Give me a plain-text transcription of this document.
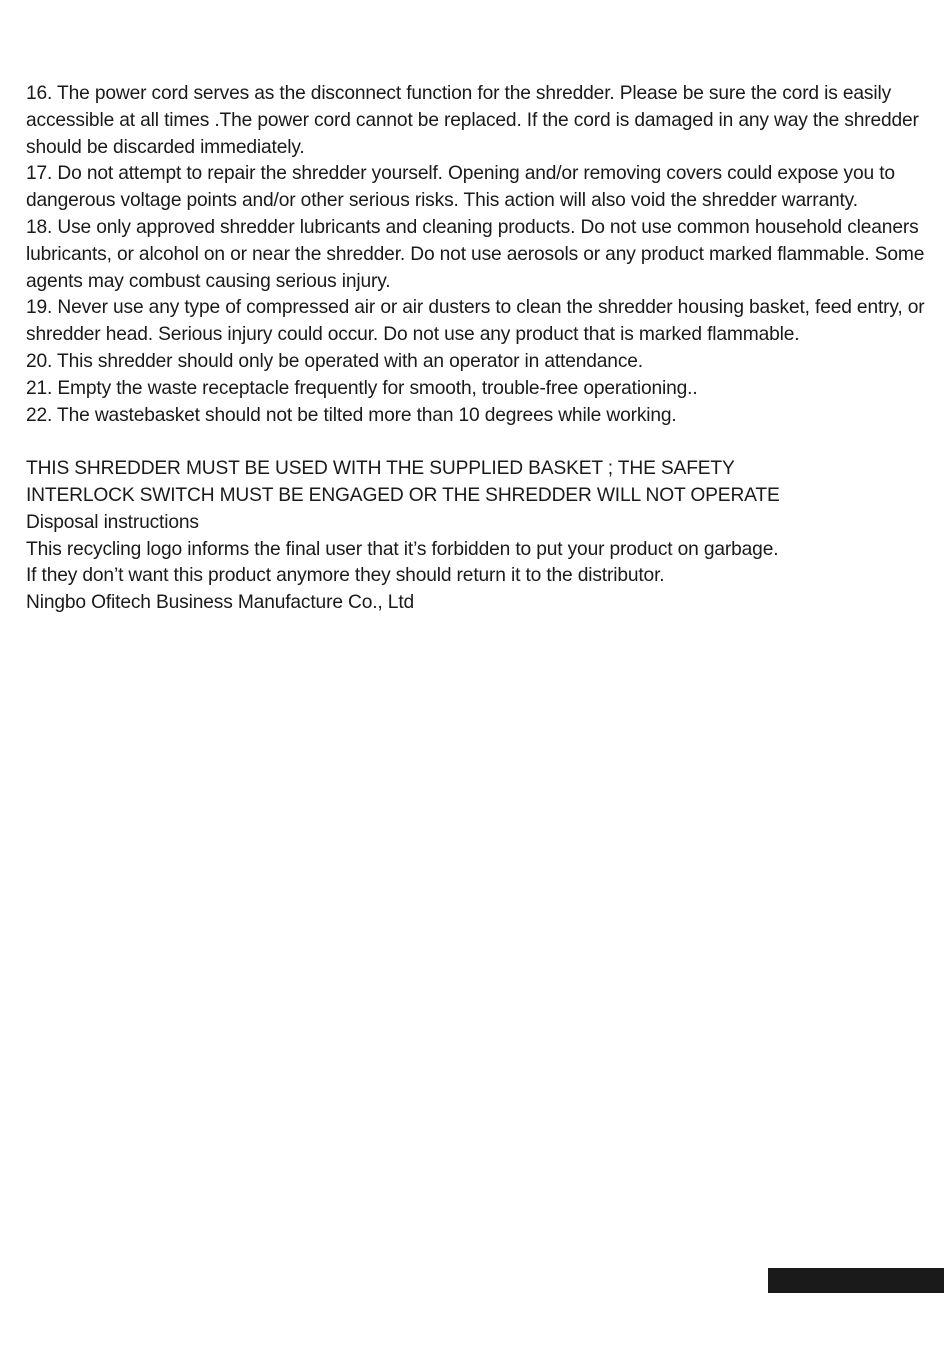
16. The power cord serves as the disconnect function for the shredder. Please be sure the cord is easily accessible at all times .The power cord cannot be replaced. If the cord is damaged in any way the shredder should be discarded immediately.
17. Do not attempt to repair the shredder yourself. Opening and/or removing covers could expose you to dangerous voltage points and/or other serious risks. This action will also void the shredder warranty.
18. Use only approved shredder lubricants and cleaning products. Do not use common household cleaners lubricants, or alcohol on or near the shredder. Do not use aerosols or any product marked flammable. Some agents may combust causing serious injury.
19. Never use any type of compressed air or air dusters to clean the shredder housing basket, feed entry, or shredder head. Serious injury could occur. Do not use any product that is marked flammable.
20. This shredder should only be operated with an operator in attendance.
21. Empty the waste receptacle frequently for smooth, trouble-free operationing..
22. The wastebasket should not be tilted more than 10 degrees while working.

THIS SHREDDER MUST BE USED WITH THE SUPPLIED BASKET ; THE SAFETY INTERLOCK SWITCH MUST BE ENGAGED OR THE SHREDDER WILL NOT OPERATE

Disposal instructions

This recycling logo informs the final user that it’s forbidden to put your product on garbage.

If they don’t want this product anymore they should return it to the distributor.

Ningbo Ofitech Business Manufacture Co., Ltd
